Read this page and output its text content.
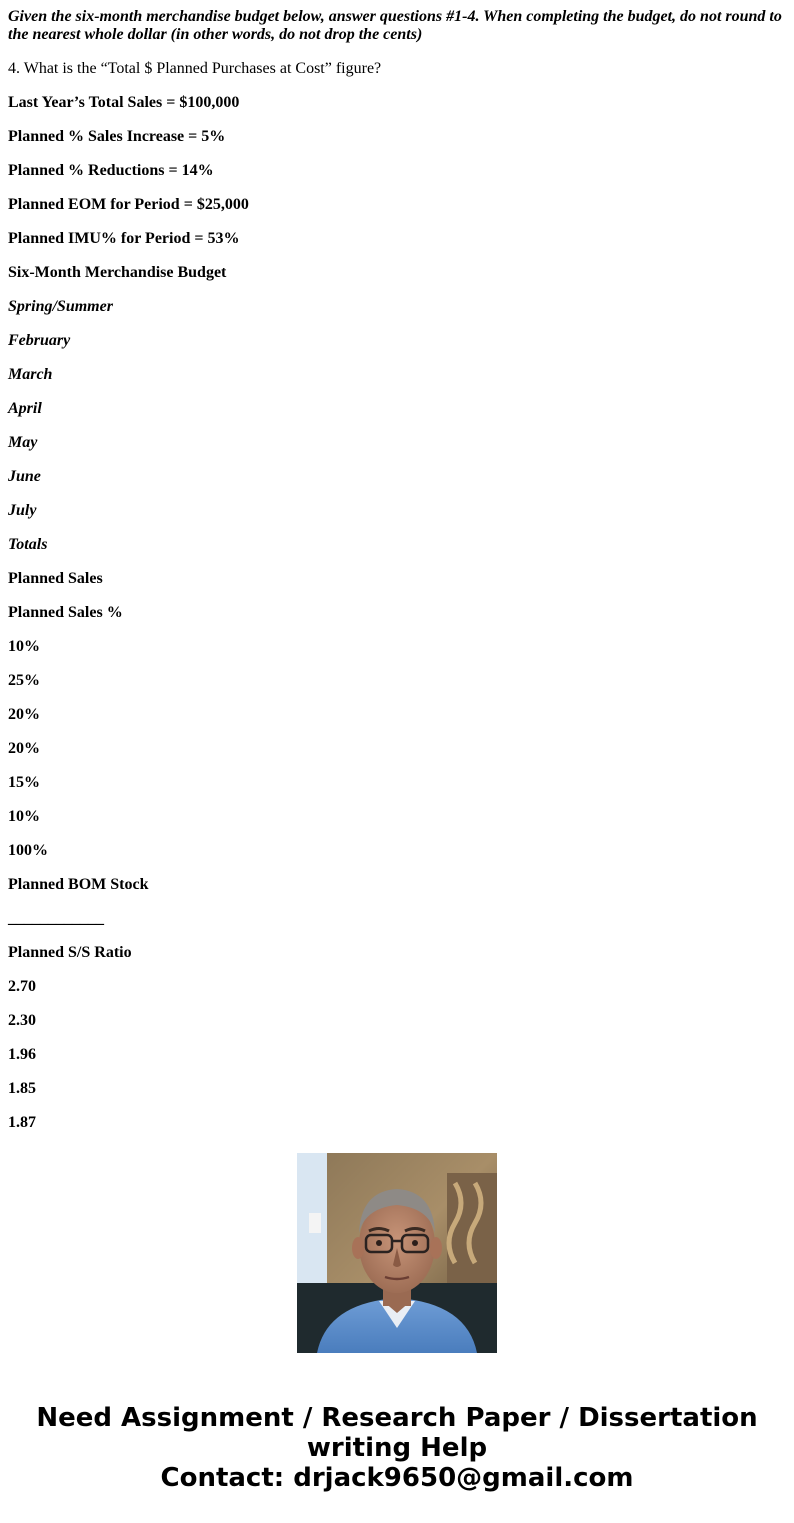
Given the six-month merchandise budget below, answer questions #1-4. When completing the budget, do not round to the nearest whole dollar (in other words, do not drop the cents)
4. What is the “Total $ Planned Purchases at Cost” figure?
Last Year’s Total Sales = $100,000
Planned % Sales Increase = 5%
Planned % Reductions = 14%
Planned EOM for Period = $25,000
Planned IMU% for Period = 53%
Six-Month Merchandise Budget
Spring/Summer
February
March
April
May
June
July
Totals
Planned Sales
Planned Sales %
10%
25%
20%
20%
15%
10%
100%
Planned BOM Stock
____________
Planned S/S Ratio
2.70
2.30
1.96
1.85
1.87
Need Assignment / Research Paper / Dissertation
writing Help
Contact: drjack9650@gmail.com
